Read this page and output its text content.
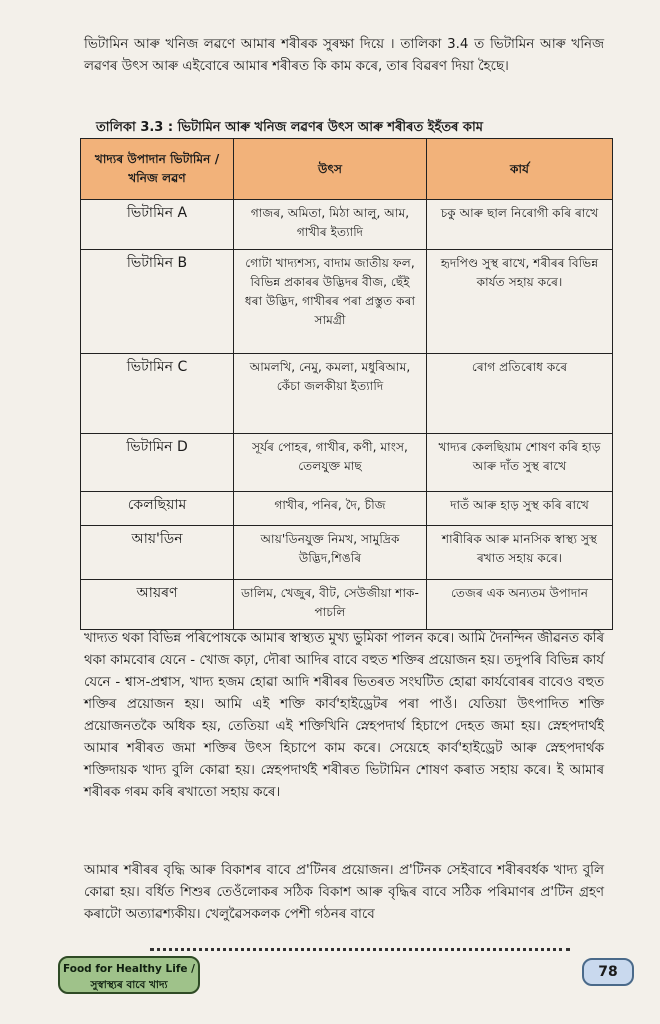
ভিটামিন আৰু খনিজ লৱণে আমাৰ শৰীৰক সুৰক্ষা দিয়ে । তালিকা 3.4 ত ভিটামিন আৰু খনিজ লৱণৰ উৎস আৰু এইবোৰে আমাৰ শৰীৰত কি কাম কৰে, তাৰ বিৱৰণ দিয়া হৈছে।

তালিকা 3.3 : ভিটামিন আৰু খনিজ লৱণৰ উৎস আৰু শৰীৰত ইহঁতৰ কাম

খাদ্যৰ উপাদান ভিটামিন / খনিজ লৱণ	উৎস	কাৰ্য
ভিটামিন A	গাজৰ, অমিতা, মিঠা আলু, আম, গাখীৰ ইত্যাদি	চকু আৰু ছাল নিৰোগী কৰি ৰাখে
ভিটামিন B	গোটা খাদ্যশস্য, বাদাম জাতীয় ফল, বিভিন্ন প্ৰকাৰৰ উদ্ভিদৰ বীজ, ছেঁই ধৰা উদ্ভিদ, গাখীৰৰ পৰা প্ৰস্তুত কৰা সামগ্ৰী	হৃদপিণ্ড সুস্থ ৰাখে, শৰীৰৰ বিভিন্ন কাৰ্যত সহায় কৰে।
ভিটামিন C	আমলখি, নেমু, কমলা, মধুৰিআম, কেঁচা জলকীয়া ইত্যাদি	ৰোগ প্ৰতিৰোধ কৰে
ভিটামিন D	সূৰ্যৰ পোহৰ, গাখীৰ, কণী, মাংস, তেলযুক্ত মাছ	খাদ্যৰ কেলছিয়াম শোষণ কৰি হাড় আৰু দাঁত সুস্থ ৰাখে
কেলছিয়াম	গাখীৰ, পনিৰ, দৈ, চীজ	দাতঁ আৰু হাড় সুস্থ কৰি ৰাখে
আয়'ডিন	আয়'ডিনযুক্ত নিমখ, সামুদ্ৰিক উদ্ভিদ,শিঙৰি	শাৰীৰিক আৰু মানসিক স্বাস্থ্য সুস্থ ৰখাত সহায় কৰে।
আয়ৰণ	ডালিম, খেজুৰ, বীট, সেউজীয়া শাক-পাচলি	তেজৰ এক অন্যতম উপাদান

খাদ্যত থকা বিভিন্ন পৰিপোষকে আমাৰ স্বাস্থ্যত মুখ্য ভুমিকা পালন কৰে। আমি দৈনন্দিন জীৱনত কৰি থকা কামবোৰ যেনে - খোজ কঢ়া, দৌৰা আদিৰ বাবে বহুত শক্তিৰ প্ৰয়োজন হয়। তদুপৰি বিভিন্ন কাৰ্য যেনে - শ্বাস-প্ৰশ্বাস, খাদ্য হজম হোৱা আদি শৰীৰৰ ভিতৰত সংঘটিত হোৱা কাৰ্যবোৰৰ বাবেও বহুত শক্তিৰ প্ৰয়োজন হয়। আমি এই শক্তি কাৰ্ব'হাইড্ৰেটৰ পৰা পাওঁ। যেতিয়া উৎপাদিত শক্তি প্ৰয়োজনতকৈ অধিক হয়, তেতিয়া এই শক্তিখিনি স্নেহপদাৰ্থ হিচাপে দেহত জমা হয়। স্নেহপদাৰ্থই আমাৰ শৰীৰত জমা শক্তিৰ উৎস হিচাপে কাম কৰে। সেয়েহে কাৰ্ব'হাইড্ৰেট আৰু স্নেহপদাৰ্থক শক্তিদায়ক খাদ্য বুলি কোৱা হয়। স্নেহপদাৰ্থই শৰীৰত ভিটামিন শোষণ কৰাত সহায় কৰে। ই আমাৰ শৰীৰক গৰম কৰি ৰখাতো সহায় কৰে।

আমাৰ শৰীৰৰ বৃদ্ধি আৰু বিকাশৰ বাবে প্ৰ'টিনৰ প্ৰয়োজন। প্ৰ'টিনক সেইবাবে শৰীৰবৰ্ধক খাদ্য বুলি কোৱা হয়। বৰ্ধিত শিশুৰ তেওঁলোকৰ সঠিক বিকাশ আৰু বৃদ্ধিৰ বাবে সঠিক পৰিমাণৰ প্ৰ'টিন গ্ৰহণ কৰাটো অত্যাৱশ্যকীয়। খেলুৱৈসকলক পেশী গঠনৰ বাবে

Food for Healthy Life /
সুস্বাস্থ্যৰ বাবে খাদ্য
78
